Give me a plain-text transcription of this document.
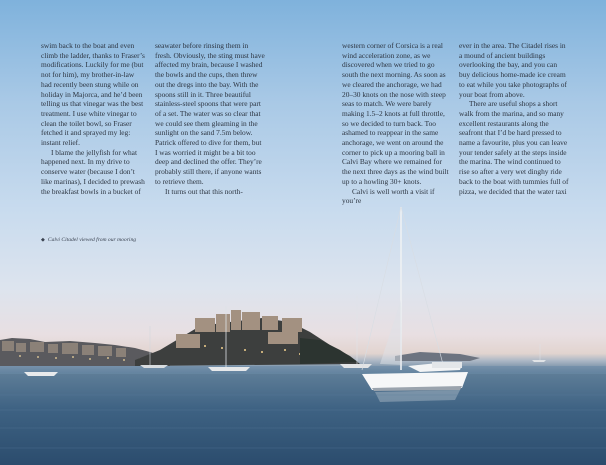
swim back to the boat and even climb the ladder, thanks to Fraser’s modifications. Luckily for me (but not for him), my brother-in-law had recently been stung while on holiday in Majorca, and he’d been telling us that vinegar was the best treatment. I use white vinegar to clean the toilet bowl, so Fraser fetched it and sprayed my leg: instant relief.

I blame the jellyfish for what happened next. In my drive to conserve water (because I don’t like marinas), I decided to prewash the breakfast bowls in a bucket of

seawater before rinsing them in fresh. Obviously, the sting must have affected my brain, because I washed the bowls and the cups, then threw out the dregs into the bay. With the spoons still in it. Three beautiful stainless-steel spoons that were part of a set. The water was so clear that we could see them gleaming in the sunlight on the sand 7.5m below. Patrick offered to dive for them, but I was worried it might be a bit too deep and declined the offer. They’re probably still there, if anyone wants to retrieve them.

It turns out that this north-

western corner of Corsica is a real wind acceleration zone, as we discovered when we tried to go south the next morning. As soon as we cleared the anchorage, we had 20–30 knots on the nose with steep seas to match. We were barely making 1.5–2 knots at full throttle, so we decided to turn back. Too ashamed to reappear in the same anchorage, we went on around the corner to pick up a mooring ball in Calvi Bay where we remained for the next three days as the wind built up to a howling 30+ knots.

Calvi is well worth a visit if you’re

ever in the area. The Citadel rises in a mound of ancient buildings overlooking the bay, and you can buy delicious home-made ice cream to eat while you take photographs of your boat from above.

There are useful shops a short walk from the marina, and so many excellent restaurants along the seafront that I’d be hard pressed to name a favourite, plus you can leave your tender safely at the steps inside the marina. The wind continued to rise so after a very wet dinghy ride back to the boat with tummies full of pizza, we decided that the water taxi

◆ Calvi Citadel viewed from our mooring
